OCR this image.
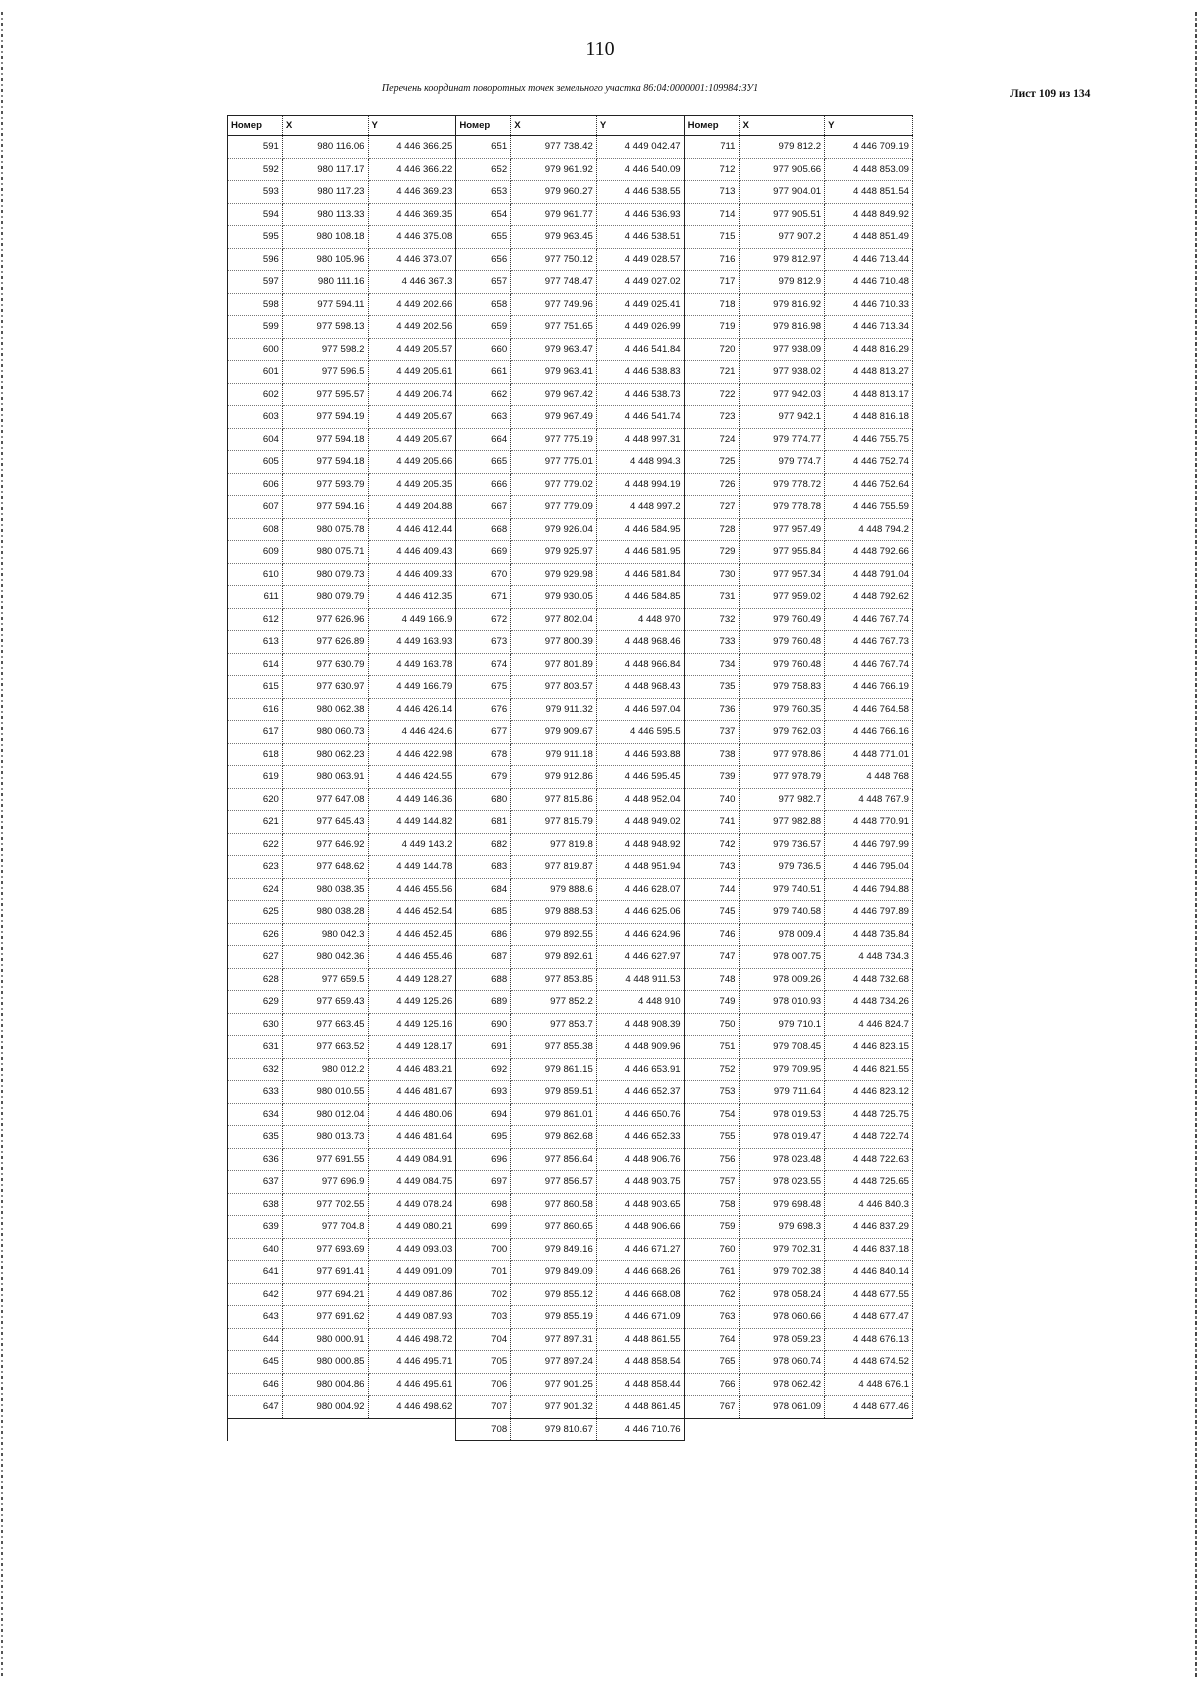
110
Перечень координат поворотных точек земельного участка 86:04:0000001:109984:ЗУ1	Лист 109 из 134
Номер	X	Y	Номер	X	Y	Номер	X	Y
591	980 116.06	4 446 366.25	651	977 738.42	4 449 042.47	711	979 812.2	4 446 709.19
592	980 117.17	4 446 366.22	652	979 961.92	4 446 540.09	712	977 905.66	4 448 853.09
593	980 117.23	4 446 369.23	653	979 960.27	4 446 538.55	713	977 904.01	4 448 851.54
594	980 113.33	4 446 369.35	654	979 961.77	4 446 536.93	714	977 905.51	4 448 849.92
595	980 108.18	4 446 375.08	655	979 963.45	4 446 538.51	715	977 907.2	4 448 851.49
596	980 105.96	4 446 373.07	656	977 750.12	4 449 028.57	716	979 812.97	4 446 713.44
597	980 111.16	4 446 367.3	657	977 748.47	4 449 027.02	717	979 812.9	4 446 710.48
598	977 594.11	4 449 202.66	658	977 749.96	4 449 025.41	718	979 816.92	4 446 710.33
599	977 598.13	4 449 202.56	659	977 751.65	4 449 026.99	719	979 816.98	4 446 713.34
600	977 598.2	4 449 205.57	660	979 963.47	4 446 541.84	720	977 938.09	4 448 816.29
601	977 596.5	4 449 205.61	661	979 963.41	4 446 538.83	721	977 938.02	4 448 813.27
602	977 595.57	4 449 206.74	662	979 967.42	4 446 538.73	722	977 942.03	4 448 813.17
603	977 594.19	4 449 205.67	663	979 967.49	4 446 541.74	723	977 942.1	4 448 816.18
604	977 594.18	4 449 205.67	664	977 775.19	4 448 997.31	724	979 774.77	4 446 755.75
605	977 594.18	4 449 205.66	665	977 775.01	4 448 994.3	725	979 774.7	4 446 752.74
606	977 593.79	4 449 205.35	666	977 779.02	4 448 994.19	726	979 778.72	4 446 752.64
607	977 594.16	4 449 204.88	667	977 779.09	4 448 997.2	727	979 778.78	4 446 755.59
608	980 075.78	4 446 412.44	668	979 926.04	4 446 584.95	728	977 957.49	4 448 794.2
609	980 075.71	4 446 409.43	669	979 925.97	4 446 581.95	729	977 955.84	4 448 792.66
610	980 079.73	4 446 409.33	670	979 929.98	4 446 581.84	730	977 957.34	4 448 791.04
611	980 079.79	4 446 412.35	671	979 930.05	4 446 584.85	731	977 959.02	4 448 792.62
612	977 626.96	4 449 166.9	672	977 802.04	4 448 970	732	979 760.49	4 446 767.74
613	977 626.89	4 449 163.93	673	977 800.39	4 448 968.46	733	979 760.48	4 446 767.73
614	977 630.79	4 449 163.78	674	977 801.89	4 448 966.84	734	979 760.48	4 446 767.74
615	977 630.97	4 449 166.79	675	977 803.57	4 448 968.43	735	979 758.83	4 446 766.19
616	980 062.38	4 446 426.14	676	979 911.32	4 446 597.04	736	979 760.35	4 446 764.58
617	980 060.73	4 446 424.6	677	979 909.67	4 446 595.5	737	979 762.03	4 446 766.16
618	980 062.23	4 446 422.98	678	979 911.18	4 446 593.88	738	977 978.86	4 448 771.01
619	980 063.91	4 446 424.55	679	979 912.86	4 446 595.45	739	977 978.79	4 448 768
620	977 647.08	4 449 146.36	680	977 815.86	4 448 952.04	740	977 982.7	4 448 767.9
621	977 645.43	4 449 144.82	681	977 815.79	4 448 949.02	741	977 982.88	4 448 770.91
622	977 646.92	4 449 143.2	682	977 819.8	4 448 948.92	742	979 736.57	4 446 797.99
623	977 648.62	4 449 144.78	683	977 819.87	4 448 951.94	743	979 736.5	4 446 795.04
624	980 038.35	4 446 455.56	684	979 888.6	4 446 628.07	744	979 740.51	4 446 794.88
625	980 038.28	4 446 452.54	685	979 888.53	4 446 625.06	745	979 740.58	4 446 797.89
626	980 042.3	4 446 452.45	686	979 892.55	4 446 624.96	746	978 009.4	4 448 735.84
627	980 042.36	4 446 455.46	687	979 892.61	4 446 627.97	747	978 007.75	4 448 734.3
628	977 659.5	4 449 128.27	688	977 853.85	4 448 911.53	748	978 009.26	4 448 732.68
629	977 659.43	4 449 125.26	689	977 852.2	4 448 910	749	978 010.93	4 448 734.26
630	977 663.45	4 449 125.16	690	977 853.7	4 448 908.39	750	979 710.1	4 446 824.7
631	977 663.52	4 449 128.17	691	977 855.38	4 448 909.96	751	979 708.45	4 446 823.15
632	980 012.2	4 446 483.21	692	979 861.15	4 446 653.91	752	979 709.95	4 446 821.55
633	980 010.55	4 446 481.67	693	979 859.51	4 446 652.37	753	979 711.64	4 446 823.12
634	980 012.04	4 446 480.06	694	979 861.01	4 446 650.76	754	978 019.53	4 448 725.75
635	980 013.73	4 446 481.64	695	979 862.68	4 446 652.33	755	978 019.47	4 448 722.74
636	977 691.55	4 449 084.91	696	977 856.64	4 448 906.76	756	978 023.48	4 448 722.63
637	977 696.9	4 449 084.75	697	977 856.57	4 448 903.75	757	978 023.55	4 448 725.65
638	977 702.55	4 449 078.24	698	977 860.58	4 448 903.65	758	979 698.48	4 446 840.3
639	977 704.8	4 449 080.21	699	977 860.65	4 448 906.66	759	979 698.3	4 446 837.29
640	977 693.69	4 449 093.03	700	979 849.16	4 446 671.27	760	979 702.31	4 446 837.18
641	977 691.41	4 449 091.09	701	979 849.09	4 446 668.26	761	979 702.38	4 446 840.14
642	977 694.21	4 449 087.86	702	979 855.12	4 446 668.08	762	978 058.24	4 448 677.55
643	977 691.62	4 449 087.93	703	979 855.19	4 446 671.09	763	978 060.66	4 448 677.47
644	980 000.91	4 446 498.72	704	977 897.31	4 448 861.55	764	978 059.23	4 448 676.13
645	980 000.85	4 446 495.71	705	977 897.24	4 448 858.54	765	978 060.74	4 448 674.52
646	980 004.86	4 446 495.61	706	977 901.25	4 448 858.44	766	978 062.42	4 448 676.1
647	980 004.92	4 446 498.62	707	977 901.32	4 448 861.45	767	978 061.09	4 448 677.46
			708	979 810.67	4 446 710.76			
